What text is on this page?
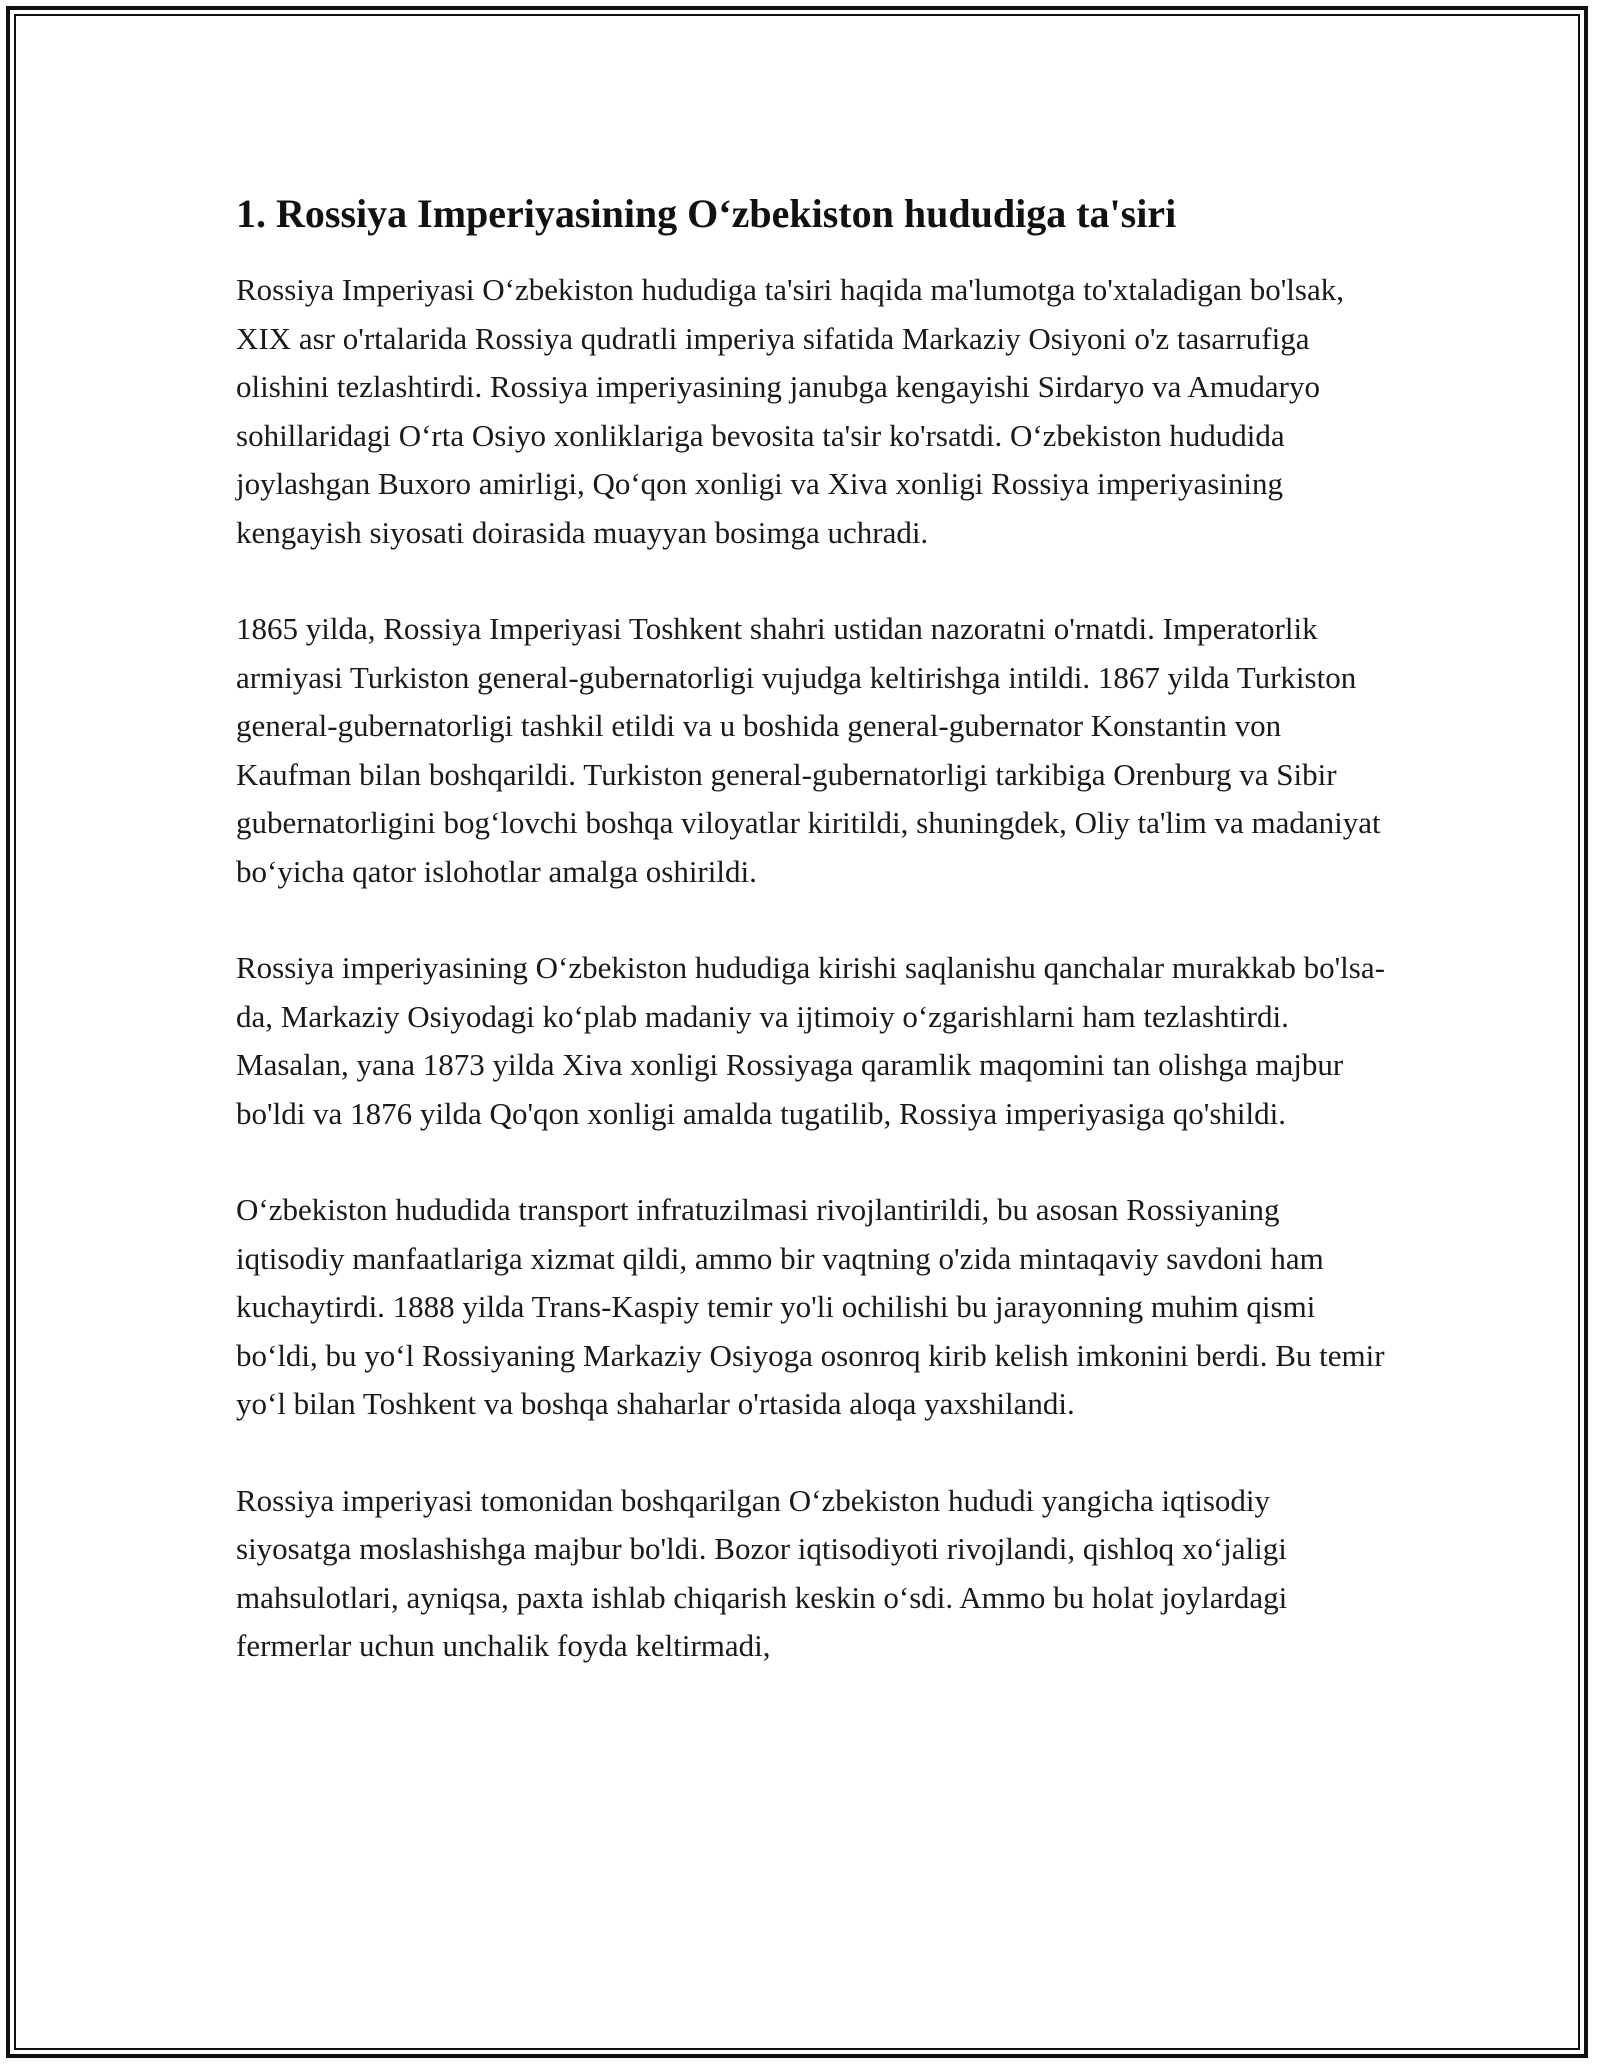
1. Rossiya Imperiyasining O‘zbekiston hududiga ta'siri

Rossiya Imperiyasi O‘zbekiston hududiga ta'siri haqida ma'lumotga to'xtaladigan bo'lsak, XIX asr o'rtalarida Rossiya qudratli imperiya sifatida Markaziy Osiyoni o'z tasarrufiga olishini tezlashtirdi. Rossiya imperiyasining janubga kengayishi Sirdaryo va Amudaryo sohillaridagi O‘rta Osiyo xonliklariga bevosita ta'sir ko'rsatdi. O‘zbekiston hududida joylashgan Buxoro amirligi, Qo‘qon xonligi va Xiva xonligi Rossiya imperiyasining kengayish siyosati doirasida muayyan bosimga uchradi.

1865 yilda, Rossiya Imperiyasi Toshkent shahri ustidan nazoratni o'rnatdi. Imperatorlik armiyasi Turkiston general-gubernatorligi vujudga keltirishga intildi. 1867 yilda Turkiston general-gubernatorligi tashkil etildi va u boshida general-gubernator Konstantin von Kaufman bilan boshqarildi. Turkiston general-gubernatorligi tarkibiga Orenburg va Sibir gubernatorligini bog‘lovchi boshqa viloyatlar kiritildi, shuningdek, Oliy ta'lim va madaniyat bo‘yicha qator islohotlar amalga oshirildi.

Rossiya imperiyasining O‘zbekiston hududiga kirishi saqlanishu qanchalar murakkab bo'lsa-da, Markaziy Osiyodagi ko‘plab madaniy va ijtimoiy o‘zgarishlarni ham tezlashtirdi. Masalan, yana 1873 yilda Xiva xonligi Rossiyaga qaramlik maqomini tan olishga majbur bo'ldi va 1876 yilda Qo'qon xonligi amalda tugatilib, Rossiya imperiyasiga qo'shildi.

O‘zbekiston hududida transport infratuzilmasi rivojlantirildi, bu asosan Rossiyaning iqtisodiy manfaatlariga xizmat qildi, ammo bir vaqtning o'zida mintaqaviy savdoni ham kuchaytirdi. 1888 yilda Trans-Kaspiy temir yo'li ochilishi bu jarayonning muhim qismi bo‘ldi, bu yo‘l Rossiyaning Markaziy Osiyoga osonroq kirib kelish imkonini berdi. Bu temir yo‘l bilan Toshkent va boshqa shaharlar o'rtasida aloqa yaxshilandi.

Rossiya imperiyasi tomonidan boshqarilgan O‘zbekiston hududi yangicha iqtisodiy siyosatga moslashishga majbur bo'ldi. Bozor iqtisodiyoti rivojlandi, qishloq xo‘jaligi mahsulotlari, ayniqsa, paxta ishlab chiqarish keskin o‘sdi. Ammo bu holat joylardagi fermerlar uchun unchalik foyda keltirmadi,
